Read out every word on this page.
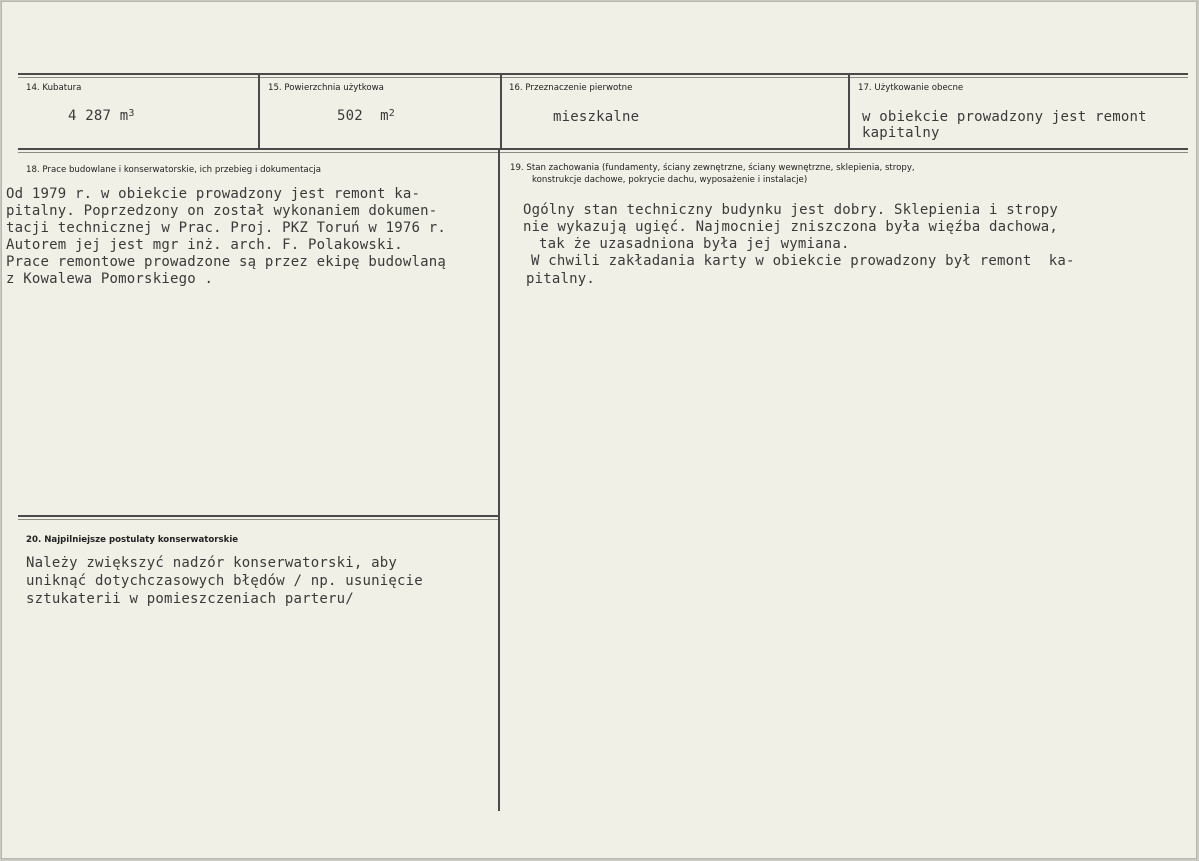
14. Kubatura
4 287 $m^3$
15. Powierzchnia użytkowa
502  $m^2$
16. Przeznaczenie pierwotne
mieszkalne
17. Użytkowanie obecne
w obiekcie prowadzony jest remont
kapitalny
18. Prace budowlane i konserwatorskie, ich przebieg i dokumentacja
Od 1979 r. w obiekcie prowadzony jest remont ka-
pitalny. Poprzedzony on został wykonaniem dokumen-
tacji technicznej w Prac. Proj. PKZ Toruń w 1976 r.
Autorem jej jest mgr inż. arch. F. Polakowski.
Prace remontowe prowadzone są przez ekipę budowlaną
z Kowalewa Pomorskiego .
19. Stan zachowania (fundamenty, ściany zewnętrzne, ściany wewnętrzne, sklepienia, stropy,
konstrukcje dachowe, pokrycie dachu, wyposażenie i instalacje)
Ogólny stan techniczny budynku jest dobry. Sklepienia i stropy
nie wykazują ugięć. Najmocniej zniszczona była więźba dachowa,
tak że uzasadniona była jej wymiana.
W chwili zakładania karty w obiekcie prowadzony był remont  ka-
pitalny.
20. Najpilniejsze postulaty konserwatorskie
Należy zwiększyć nadzór konserwatorski, aby
uniknąć dotychczasowych błędów / np. usunięcie
sztukaterii w pomieszczeniach parteru/
